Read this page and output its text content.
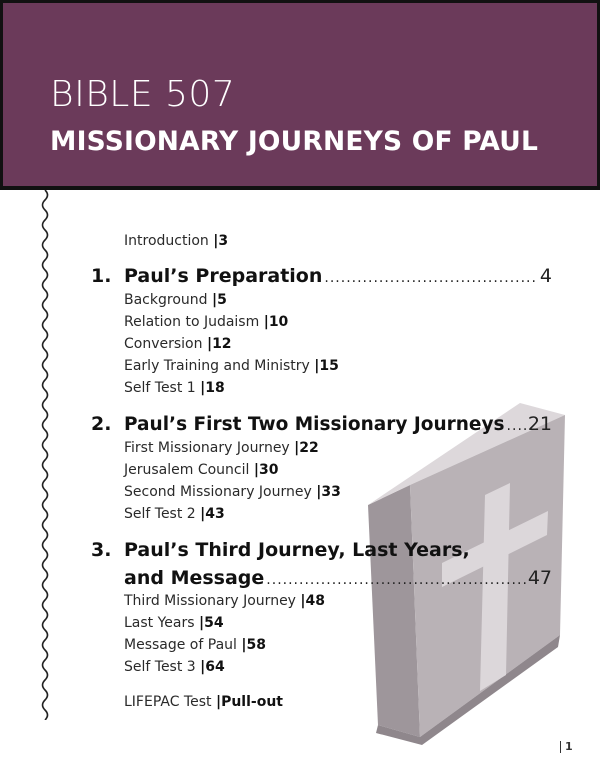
BIBLE 507
MISSIONARY JOURNEYS OF PAUL
Introduction |3
1. Paul’s Preparation .....	4
Background |5
Relation to Judaism |10
Conversion |12
Early Training and Ministry |15
Self Test 1 |18
2. Paul’s First Two Missionary Journeys ..... 21
First Missionary Journey |22
Jerusalem Council |30
Second Missionary Journey |33
Self Test 2 |43
3. Paul’s Third Journey, Last Years,
and Message .....	47
Third Missionary Journey |48
Last Years |54
Message of Paul |58
Self Test 3 |64
LIFEPAC Test |Pull-out
1
